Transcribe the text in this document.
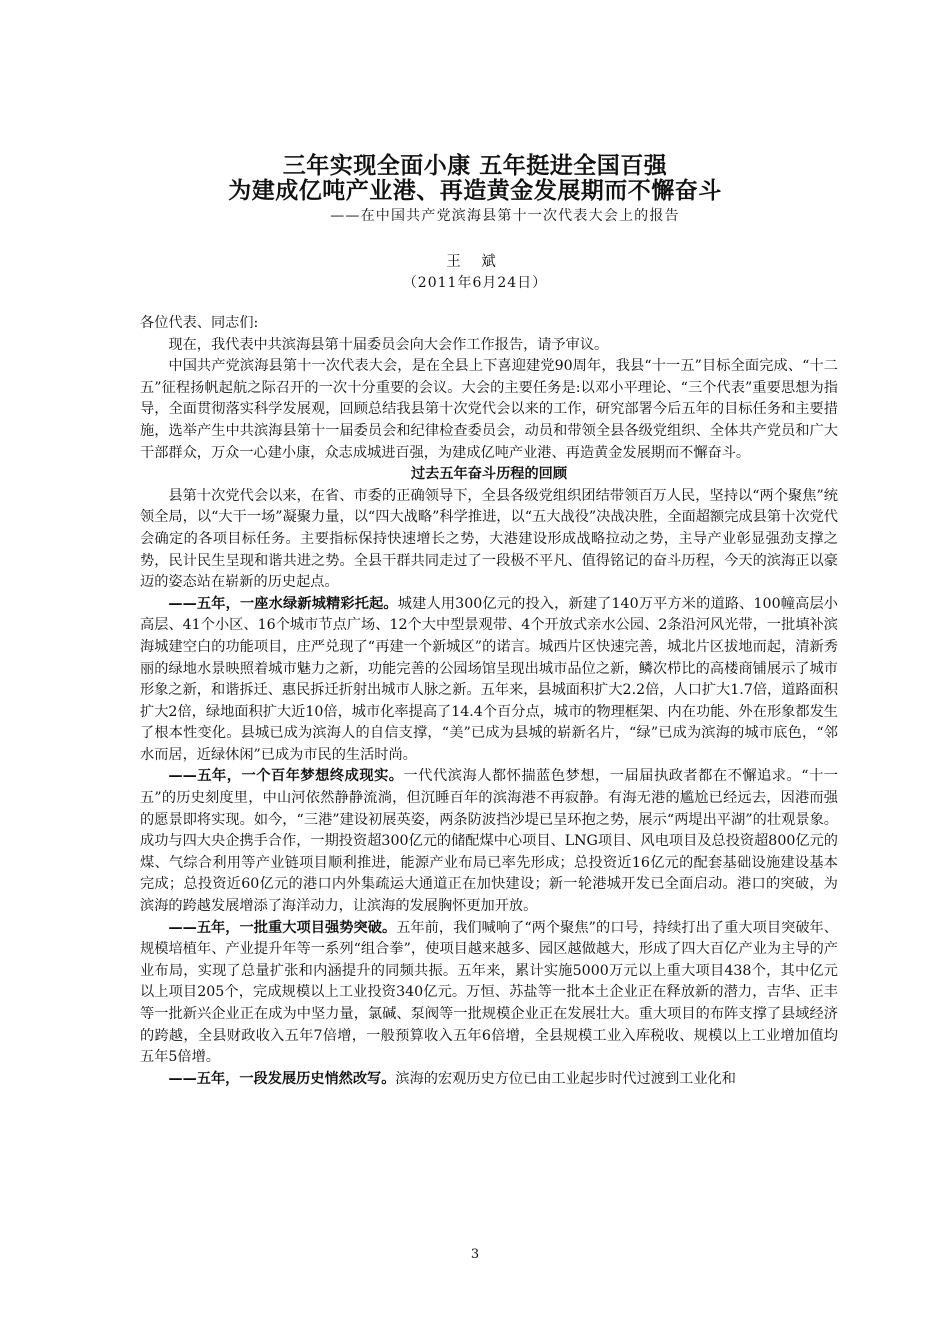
三年实现全面小康 五年挺进全国百强
为建成亿吨产业港、再造黄金发展期而不懈奋斗
——在中国共产党滨海县第十一次代表大会上的报告
王 斌
（2011年6月24日）

各位代表、同志们:

现在，我代表中共滨海县第十届委员会向大会作工作报告，请予审议。

中国共产党滨海县第十一次代表大会，是在全县上下喜迎建党90周年，我县“十一五”目标全面完成、“十二五”征程扬帆起航之际召开的一次十分重要的会议。大会的主要任务是:以邓小平理论、“三个代表”重要思想为指导，全面贯彻落实科学发展观，回顾总结我县第十次党代会以来的工作，研究部署今后五年的目标任务和主要措施，选举产生中共滨海县第十一届委员会和纪律检查委员会，动员和带领全县各级党组织、全体共产党员和广大干部群众，万众一心建小康，众志成城进百强，为建成亿吨产业港、再造黄金发展期而不懈奋斗。

过去五年奋斗历程的回顾

县第十次党代会以来，在省、市委的正确领导下，全县各级党组织团结带领百万人民，坚持以“两个聚焦”统领全局，以“大干一场”凝聚力量，以“四大战略”科学推进，以“五大战役”决战决胜，全面超额完成县第十次党代会确定的各项目标任务。主要指标保持快速增长之势，大港建设形成战略拉动之势，主导产业彰显强劲支撑之势，民计民生呈现和谐共进之势。全县干群共同走过了一段极不平凡、值得铭记的奋斗历程，今天的滨海正以豪迈的姿态站在崭新的历史起点。

——五年，一座水绿新城精彩托起。城建人用300亿元的投入，新建了140万平方米的道路、100幢高层小高层、41个小区、16个城市节点广场、12个大中型景观带、4个开放式亲水公园、2条沿河风光带，一批填补滨海城建空白的功能项目，庄严兑现了“再建一个新城区”的诺言。城西片区快速完善，城北片区拔地而起，清新秀丽的绿地水景映照着城市魅力之新，功能完善的公园场馆呈现出城市品位之新，鳞次栉比的高楼商铺展示了城市形象之新，和谐拆迁、惠民拆迁折射出城市人脉之新。五年来，县城面积扩大2.2倍，人口扩大1.7倍，道路面积扩大2倍，绿地面积扩大近10倍，城市化率提高了14.4个百分点，城市的物理框架、内在功能、外在形象都发生了根本性变化。县城已成为滨海人的自信支撑，“美”已成为县城的崭新名片，“绿”已成为滨海的城市底色，“邻水而居，近绿休闲”已成为市民的生活时尚。

——五年，一个百年梦想终成现实。一代代滨海人都怀揣蓝色梦想，一届届执政者都在不懈追求。“十一五”的历史刻度里，中山河依然静静流淌，但沉睡百年的滨海港不再寂静。有海无港的尴尬已经远去，因港而强的愿景即将实现。如今，“三港”建设初展英姿，两条防波挡沙堤已呈环抱之势，展示“两堤出平湖”的壮观景象。成功与四大央企携手合作，一期投资超300亿元的储配煤中心项目、LNG项目、风电项目及总投资超800亿元的煤、气综合利用等产业链项目顺利推进，能源产业布局已率先形成；总投资近16亿元的配套基础设施建设基本完成；总投资近60亿元的港口内外集疏运大通道正在加快建设；新一轮港城开发已全面启动。港口的突破，为滨海的跨越发展增添了海洋动力，让滨海的发展胸怀更加开放。

——五年，一批重大项目强势突破。五年前，我们喊响了“两个聚焦”的口号，持续打出了重大项目突破年、规模培植年、产业提升年等一系列“组合拳”，使项目越来越多、园区越做越大，形成了四大百亿产业为主导的产业布局，实现了总量扩张和内涵提升的同频共振。五年来，累计实施5000万元以上重大项目438个，其中亿元以上项目205个，完成规模以上工业投资340亿元。万恒、苏盐等一批本土企业正在释放新的潜力，吉华、正丰等一批新兴企业正在成为中坚力量，氯碱、泵阀等一批规模企业正在发展壮大。重大项目的布阵支撑了县域经济的跨越，全县财政收入五年7倍增，一般预算收入五年6倍增，全县规模工业入库税收、规模以上工业增加值均五年5倍增。

——五年，一段发展历史悄然改写。滨海的宏观历史方位已由工业起步时代过渡到工业化和

3
